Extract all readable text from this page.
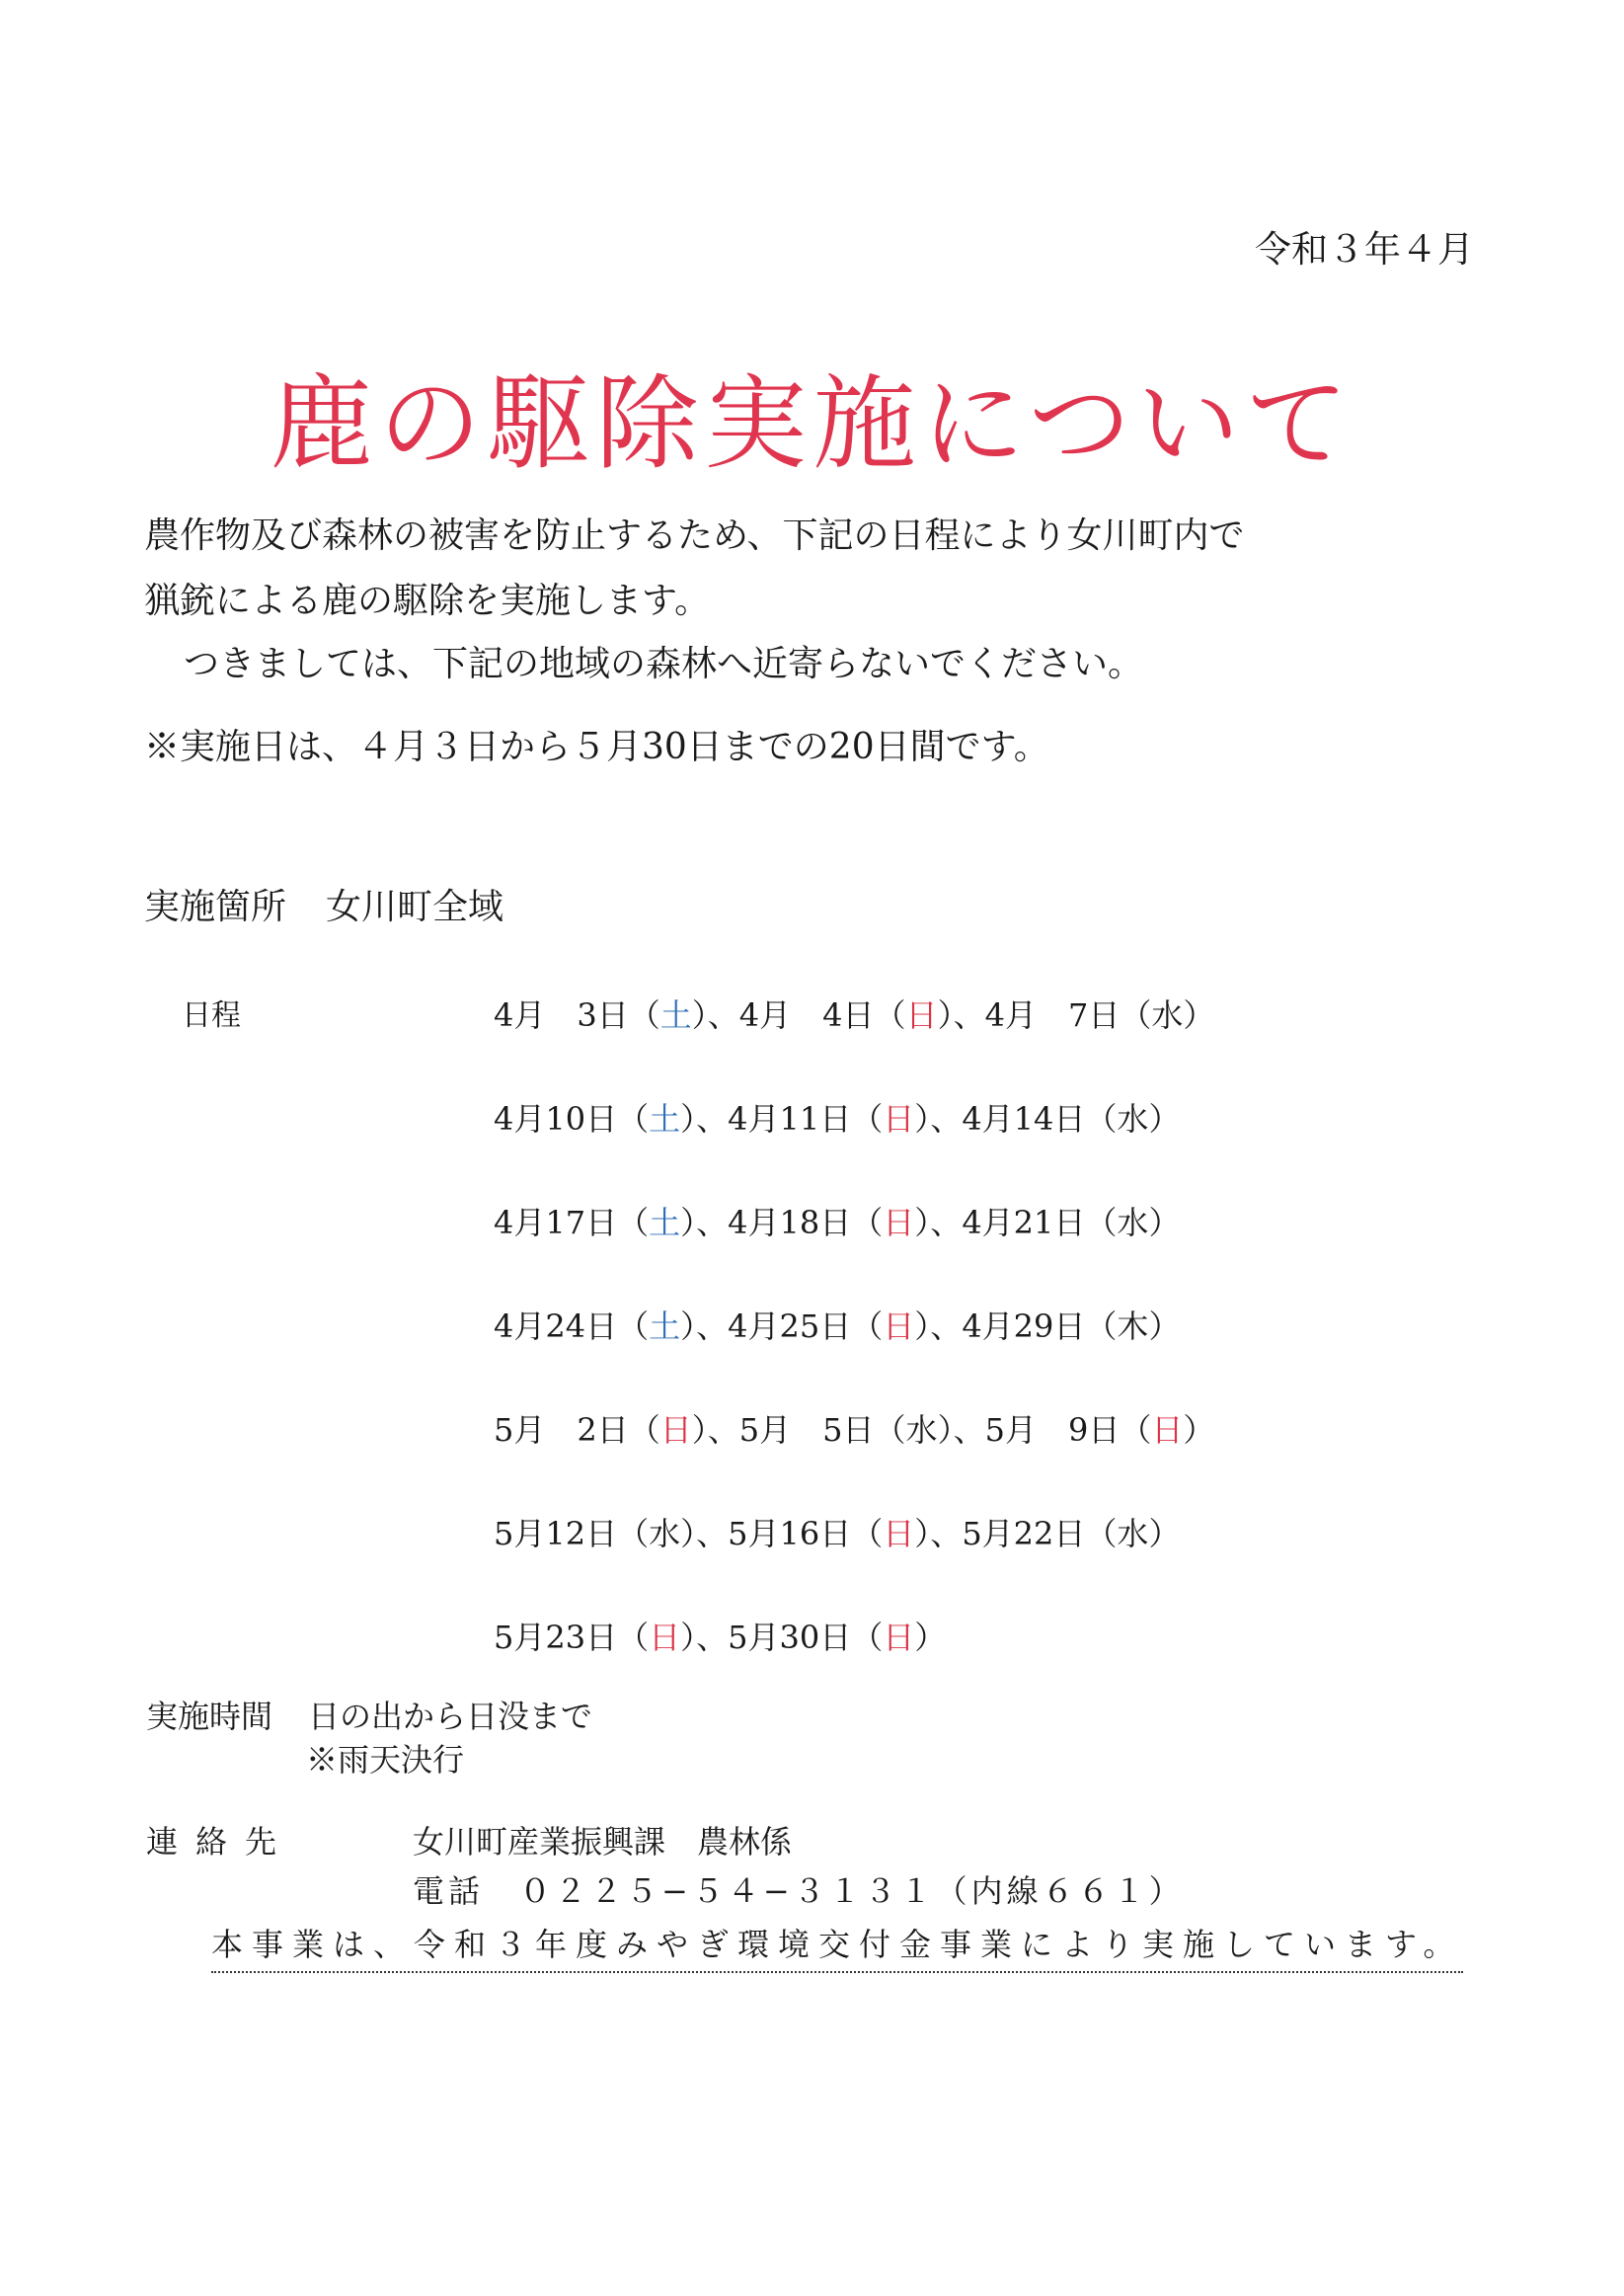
令和３年４月
鹿の駆除実施について
農作物及び森林の被害を防止するため、下記の日程により女川町内で
猟銃による鹿の駆除を実施します。
つきましては、下記の地域の森林へ近寄らないでください。
※実施日は、４月３日から５月30日までの20日間です。
実施箇所 女川町全域
日程	4月　3日（土）、4月　4日（日）、4月　7日（水）
4月10日（土）、4月11日（日）、4月14日（水）
4月17日（土）、4月18日（日）、4月21日（水）
4月24日（土）、4月25日（日）、4月29日（木）
5月　2日（日）、5月　5日（水）、5月　9日（日）
5月12日（水）、5月16日（日）、5月22日（水）
5月23日（日）、5月30日（日）
実施時間 日の出から日没まで
※雨天決行
連絡先	女川町産業振興課　農林係
電話　０２２５−５４−３１３１（内線６６１）
本事業は、令和３年度みやぎ環境交付金事業により実施しています。
